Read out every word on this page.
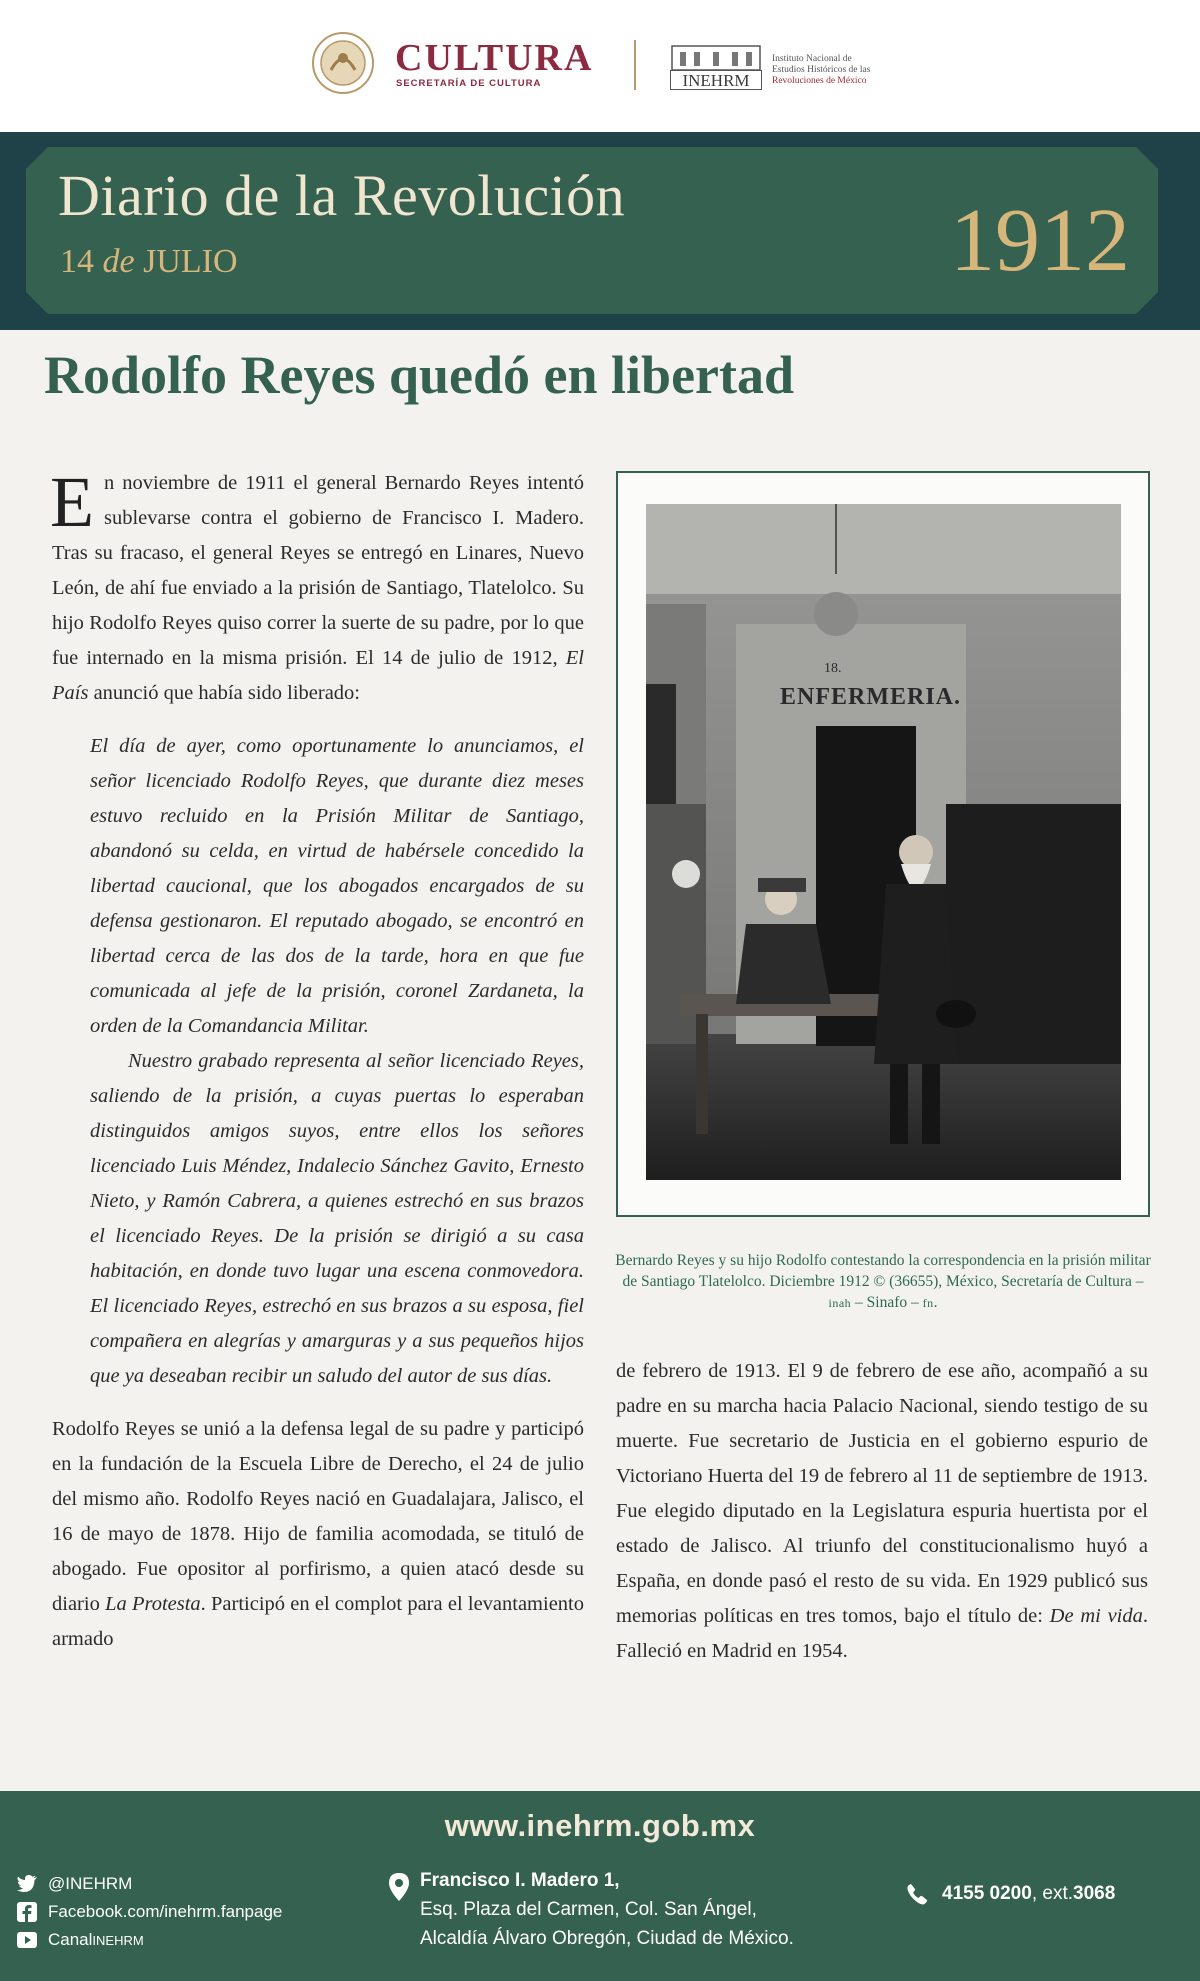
CULTURA
SECRETARÍA DE CULTURA	INEHRM
Instituto Nacional de
Estudios Históricos de las
Revoluciones de México
Diario de la Revolución
14 de JULIO	1912
Rodolfo Reyes quedó en libertad

En noviembre de 1911 el general Bernardo Reyes intentó sublevarse contra el gobierno de Francisco I. Madero. Tras su fracaso, el general Reyes se entregó en Linares, Nuevo León, de ahí fue enviado a la prisión de Santiago, Tlatelolco. Su hijo Rodolfo Reyes quiso correr la suerte de su padre, por lo que fue internado en la misma prisión. El 14 de julio de 1912, El País anunció que había sido liberado:

El día de ayer, como oportunamente lo anunciamos, el señor licenciado Rodolfo Reyes, que durante diez meses estuvo recluido en la Prisión Militar de Santiago, abandonó su celda, en virtud de habérsele concedido la libertad caucional, que los abogados encargados de su defensa gestionaron. El reputado abogado, se encontró en libertad cerca de las dos de la tarde, hora en que fue comunicada al jefe de la prisión, coronel Zardaneta, la orden de la Comandancia Militar.

Nuestro grabado representa al señor licenciado Reyes, saliendo de la prisión, a cuyas puertas lo esperaban distinguidos amigos suyos, entre ellos los señores licenciado Luis Méndez, Indalecio Sánchez Gavito, Ernesto Nieto, y Ramón Cabrera, a quienes estrechó en sus brazos el licenciado Reyes. De la prisión se dirigió a su casa habitación, en donde tuvo lugar una escena conmovedora. El licenciado Reyes, estrechó en sus brazos a su esposa, fiel compañera en alegrías y amarguras y a sus pequeños hijos que ya deseaban recibir un saludo del autor de sus días.

Rodolfo Reyes se unió a la defensa legal de su padre y participó en la fundación de la Escuela Libre de Derecho, el 24 de julio del mismo año. Rodolfo Reyes nació en Guadalajara, Jalisco, el 16 de mayo de 1878. Hijo de familia acomodada, se tituló de abogado. Fue opositor al porfirismo, a quien atacó desde su diario La Protesta. Participó en el complot para el levantamiento armado

de febrero de 1913. El 9 de febrero de ese año, acompañó a su padre en su marcha hacia Palacio Nacional, siendo testigo de su muerte. Fue secretario de Justicia en el gobierno espurio de Victoriano Huerta del 19 de febrero al 11 de septiembre de 1913. Fue elegido diputado en la Legislatura espuria huertista por el estado de Jalisco. Al triunfo del constitucionalismo huyó a España, en donde pasó el resto de su vida. En 1929 publicó sus memorias políticas en tres tomos, bajo el título de: De mi vida. Falleció en Madrid en 1954.

18.
ENFERMERIA.
Bernardo Reyes y su hijo Rodolfo contestando la correspondencia en la prisión militar de Santiago Tlatelolco. Diciembre 1912 © (36655), México, Secretaría de Cultura – inah – Sinafo – fn.
www.inehrm.gob.mx
@INEHRM
Facebook.com/inehrm.fanpage
Canal INEHRM
Francisco I. Madero 1,
Esq. Plaza del Carmen, Col. San Ángel,
Alcaldía Álvaro Obregón, Ciudad de México.
4155 0200 , ext. 3068
